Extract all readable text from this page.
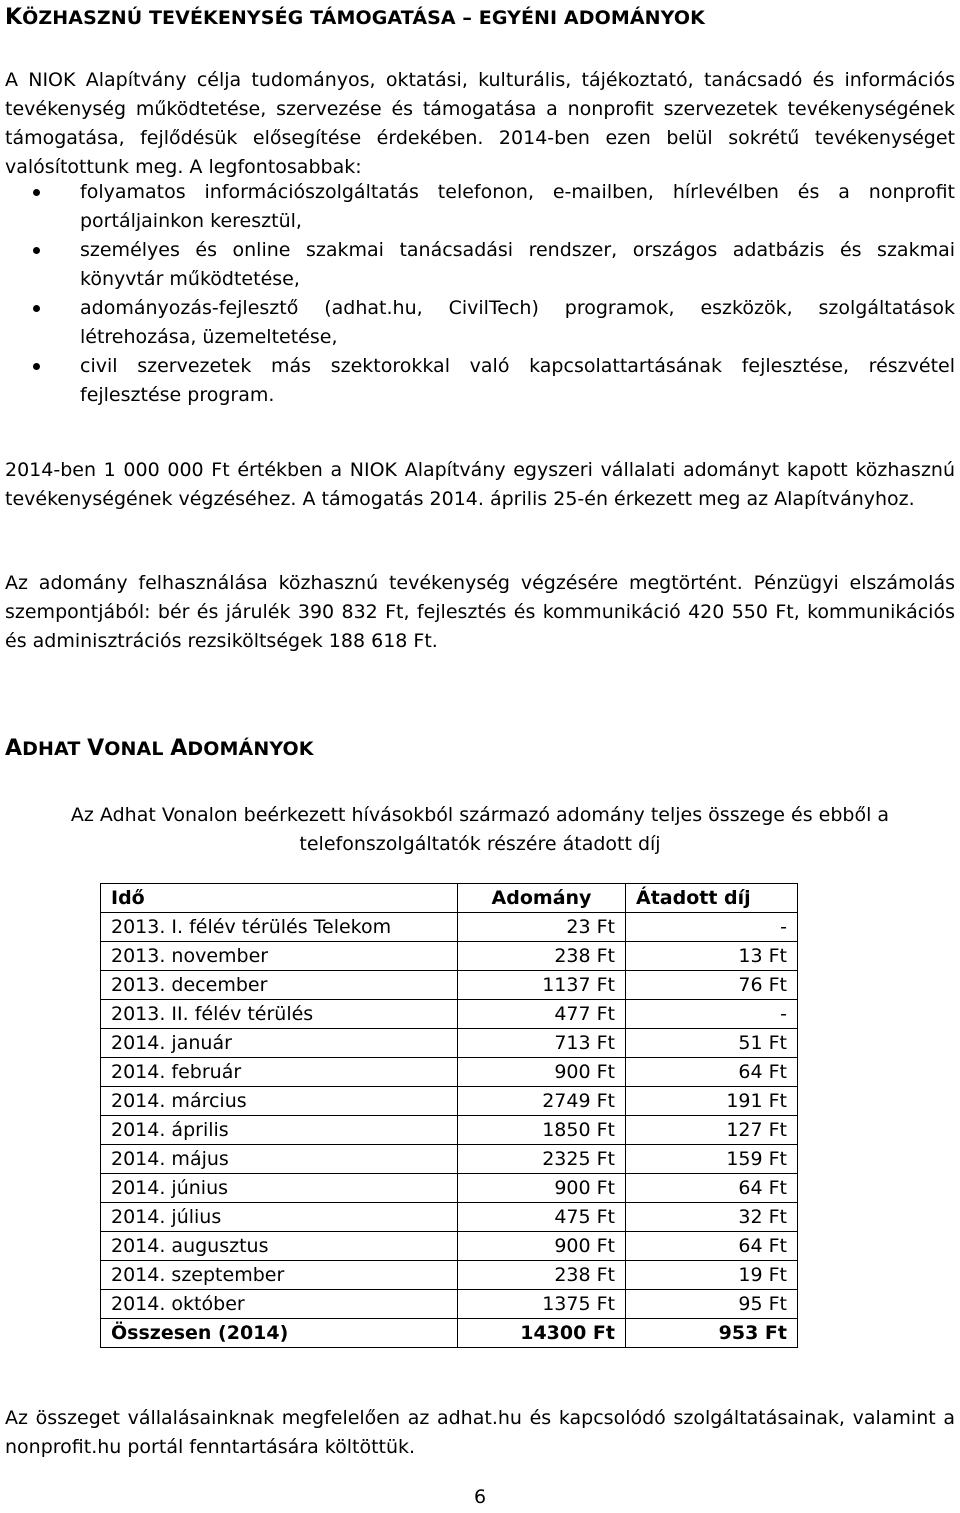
KÖZHASZNÚ TEVÉKENYSÉG TÁMOGATÁSA – EGYÉNI ADOMÁNYOK

A NIOK Alapítvány célja tudományos, oktatási, kulturális, tájékoztató, tanácsadó és információs tevékenység működtetése, szervezése és támogatása a nonprofit szervezetek tevékenységének támogatása, fejlődésük elősegítése érdekében. 2014-ben ezen belül sokrétű tevékenységet valósítottunk meg. A legfontosabbak:

folyamatos információszolgáltatás telefonon, e-mailben, hírlevélben és a nonprofit portáljainkon keresztül,
személyes és online szakmai tanácsadási rendszer, országos adatbázis és szakmai könyvtár működtetése,
adományozás-fejlesztő (adhat.hu, CivilTech) programok, eszközök, szolgáltatások létrehozása, üzemeltetése,
civil szervezetek más szektorokkal való kapcsolattartásának fejlesztése, részvétel fejlesztése program.

2014-ben 1 000 000 Ft értékben a NIOK Alapítvány egyszeri vállalati adományt kapott közhasznú tevékenységének végzéséhez. A támogatás 2014. április 25-én érkezett meg az Alapítványhoz.

Az adomány felhasználása közhasznú tevékenység végzésére megtörtént. Pénzügyi elszámolás szempontjából: bér és járulék 390 832 Ft, fejlesztés és kommunikáció 420 550 Ft, kommunikációs és adminisztrációs rezsiköltségek 188 618 Ft.

ADHAT VONAL ADOMÁNYOK
Az Adhat Vonalon beérkezett hívásokból származó adomány teljes összege és ebből a telefonszolgáltatók részére átadott díj
Idő	Adomány	Átadott díj
2013. I. félév térülés Telekom	23 Ft	-
2013. november	238 Ft	13 Ft
2013. december	1137 Ft	76 Ft
2013. II. félév térülés	477 Ft	-
2014. január	713 Ft	51 Ft
2014. február	900 Ft	64 Ft
2014. március	2749 Ft	191 Ft
2014. április	1850 Ft	127 Ft
2014. május	2325 Ft	159 Ft
2014. június	900 Ft	64 Ft
2014. július	475 Ft	32 Ft
2014. augusztus	900 Ft	64 Ft
2014. szeptember	238 Ft	19 Ft
2014. október	1375 Ft	95 Ft
Összesen (2014)	14300 Ft	953 Ft

Az összeget vállalásainknak megfelelően az adhat.hu és kapcsolódó szolgáltatásainak, valamint a nonprofit.hu portál fenntartására költöttük.

6
